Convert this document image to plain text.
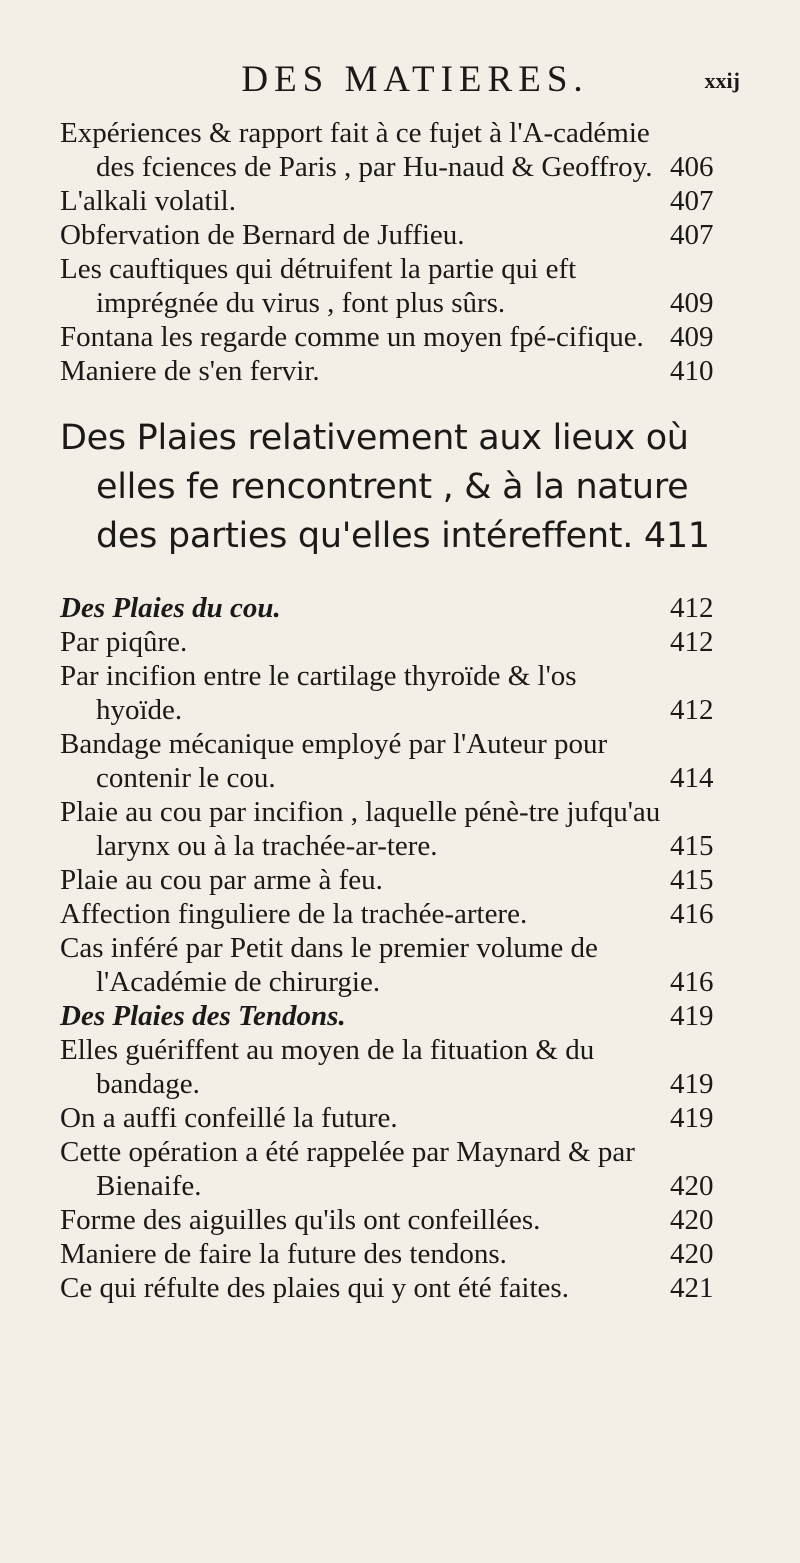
DES MATIERES.	xxij
Expériences & rapport fait à ce fujet à l'A-cadémie des fciences de Paris , par Hu-naud & Geoffroy. 406
L'alkali volatil.	407
Obfervation de Bernard de Juffieu.	407
Les cauftiques qui détruifent la partie qui eft imprégnée du virus , font plus sûrs.	409
Fontana les regarde comme un moyen fpé-cifique. 409
Maniere de s'en fervir.	410
Des Plaies relativement aux lieux où elles fe rencontrent , & à la nature des parties qu'elles intéreffent. 411
Des Plaies du cou.	412
Par piqûre.	412
Par incifion entre le cartilage thyroïde & l'os hyoïde.	412
Bandage mécanique employé par l'Auteur pour contenir le cou.	414
Plaie au cou par incifion , laquelle pénè-tre jufqu'au larynx ou à la trachée-ar-tere.	415
Plaie au cou par arme à feu.	415
Affection finguliere de la trachée-artere.	416
Cas inféré par Petit dans le premier volume de l'Académie de chirurgie.	416
Des Plaies des Tendons.	419
Elles guériffent au moyen de la fituation & du bandage.	419
On a auffi confeillé la future.	419
Cette opération a été rappelée par Maynard & par Bienaife.	420
Forme des aiguilles qu'ils ont confeillées.	420
Maniere de faire la future des tendons.	420
Ce qui réfulte des plaies qui y ont été faites.	421
